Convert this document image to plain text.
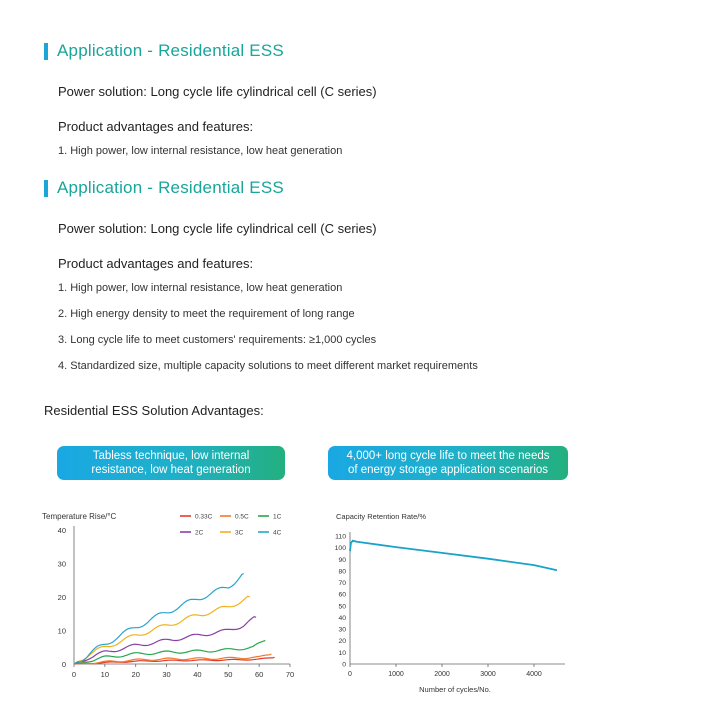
Application - Residential ESS
Power solution: Long cycle life cylindrical cell (C series)
Product advantages and features:
1. High power, low internal resistance, low heat generation
Application - Residential ESS
Power solution: Long cycle life cylindrical cell (C series)
Product advantages and features:
1. High power, low internal resistance, low heat generation
2. High energy density to meet the requirement of long range
3. Long cycle life to meet customers' requirements: ≥1,000 cycles
4. Standardized size, multiple capacity solutions to meet different market requirements
Residential ESS Solution Advantages:
Tabless technique, low internal
resistance, low heat generation
4,000+ long cycle life to meet the needs
of energy storage application scenarios
Temperature Rise/°C
0
10
20
30
40
0	10	20	30	40	50	60	70
0.33C	0.5C	1C
2C	3C	4C
Capacity Retention Rate/%
0
10
20
30
40
50
60
70
80
90
100
110
0	1000	2000	3000	4000
Number of cycles/No.
